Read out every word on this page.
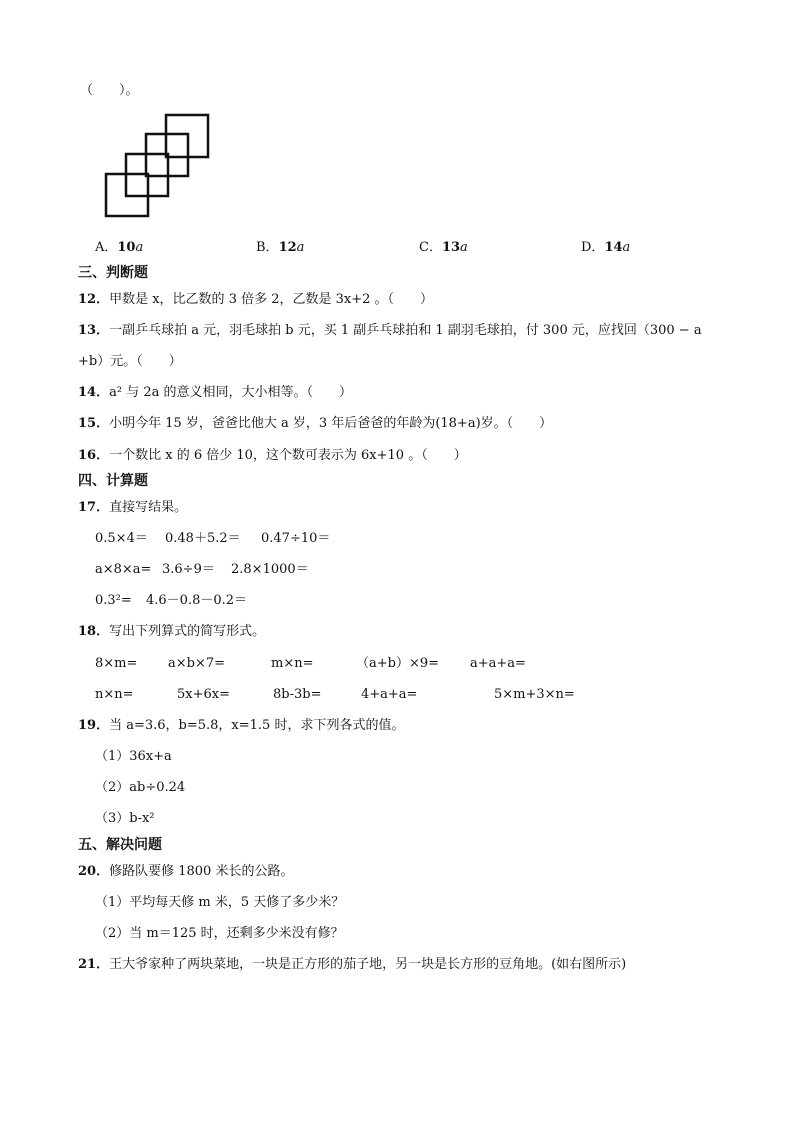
（　　）。
A．10a	B．12a	C．13a	D．14a
三、判断题
12．甲数是 x，比乙数的 3 倍多 2，乙数是 3x+2 。（　　）
13．一副乒乓球拍 a 元，羽毛球拍 b 元，买 1 副乒乓球拍和 1 副羽毛球拍，付 300 元，应找回（300 − a
+b）元。（　　）
14．a² 与 2a 的意义相同，大小相等。（　　）
15．小明今年 15 岁，爸爸比他大 a 岁，3 年后爸爸的年龄为(18+a)岁。（　　）
16．一个数比 x 的 6 倍少 10，这个数可表示为 6x+10 。（　　）
四、计算题
17．直接写结果。
0.5×4＝ 0.48＋5.2＝ 0.47÷10＝
a×8×a= 3.6÷9＝ 2.8×1000＝
0.3²= 4.6－0.8－0.2＝
18．写出下列算式的简写形式。
8×m= a×b×7=	m×n=	（a+b）×9= a+a+a=
n×n=	5x+6x=	8b-3b=	4+a+a=	5×m+3×n=
19．当 a=3.6，b=5.8，x=1.5 时，求下列各式的值。
（1）36x+a
（2）ab÷0.24
（3）b-x²
五、解决问题
20．修路队要修 1800 米长的公路。
（1）平均每天修 m 米，5 天修了多少米？
（2）当 m＝125 时，还剩多少米没有修？
21．王大爷家种了两块菜地，一块是正方形的茄子地，另一块是长方形的豆角地。(如右图所示)
